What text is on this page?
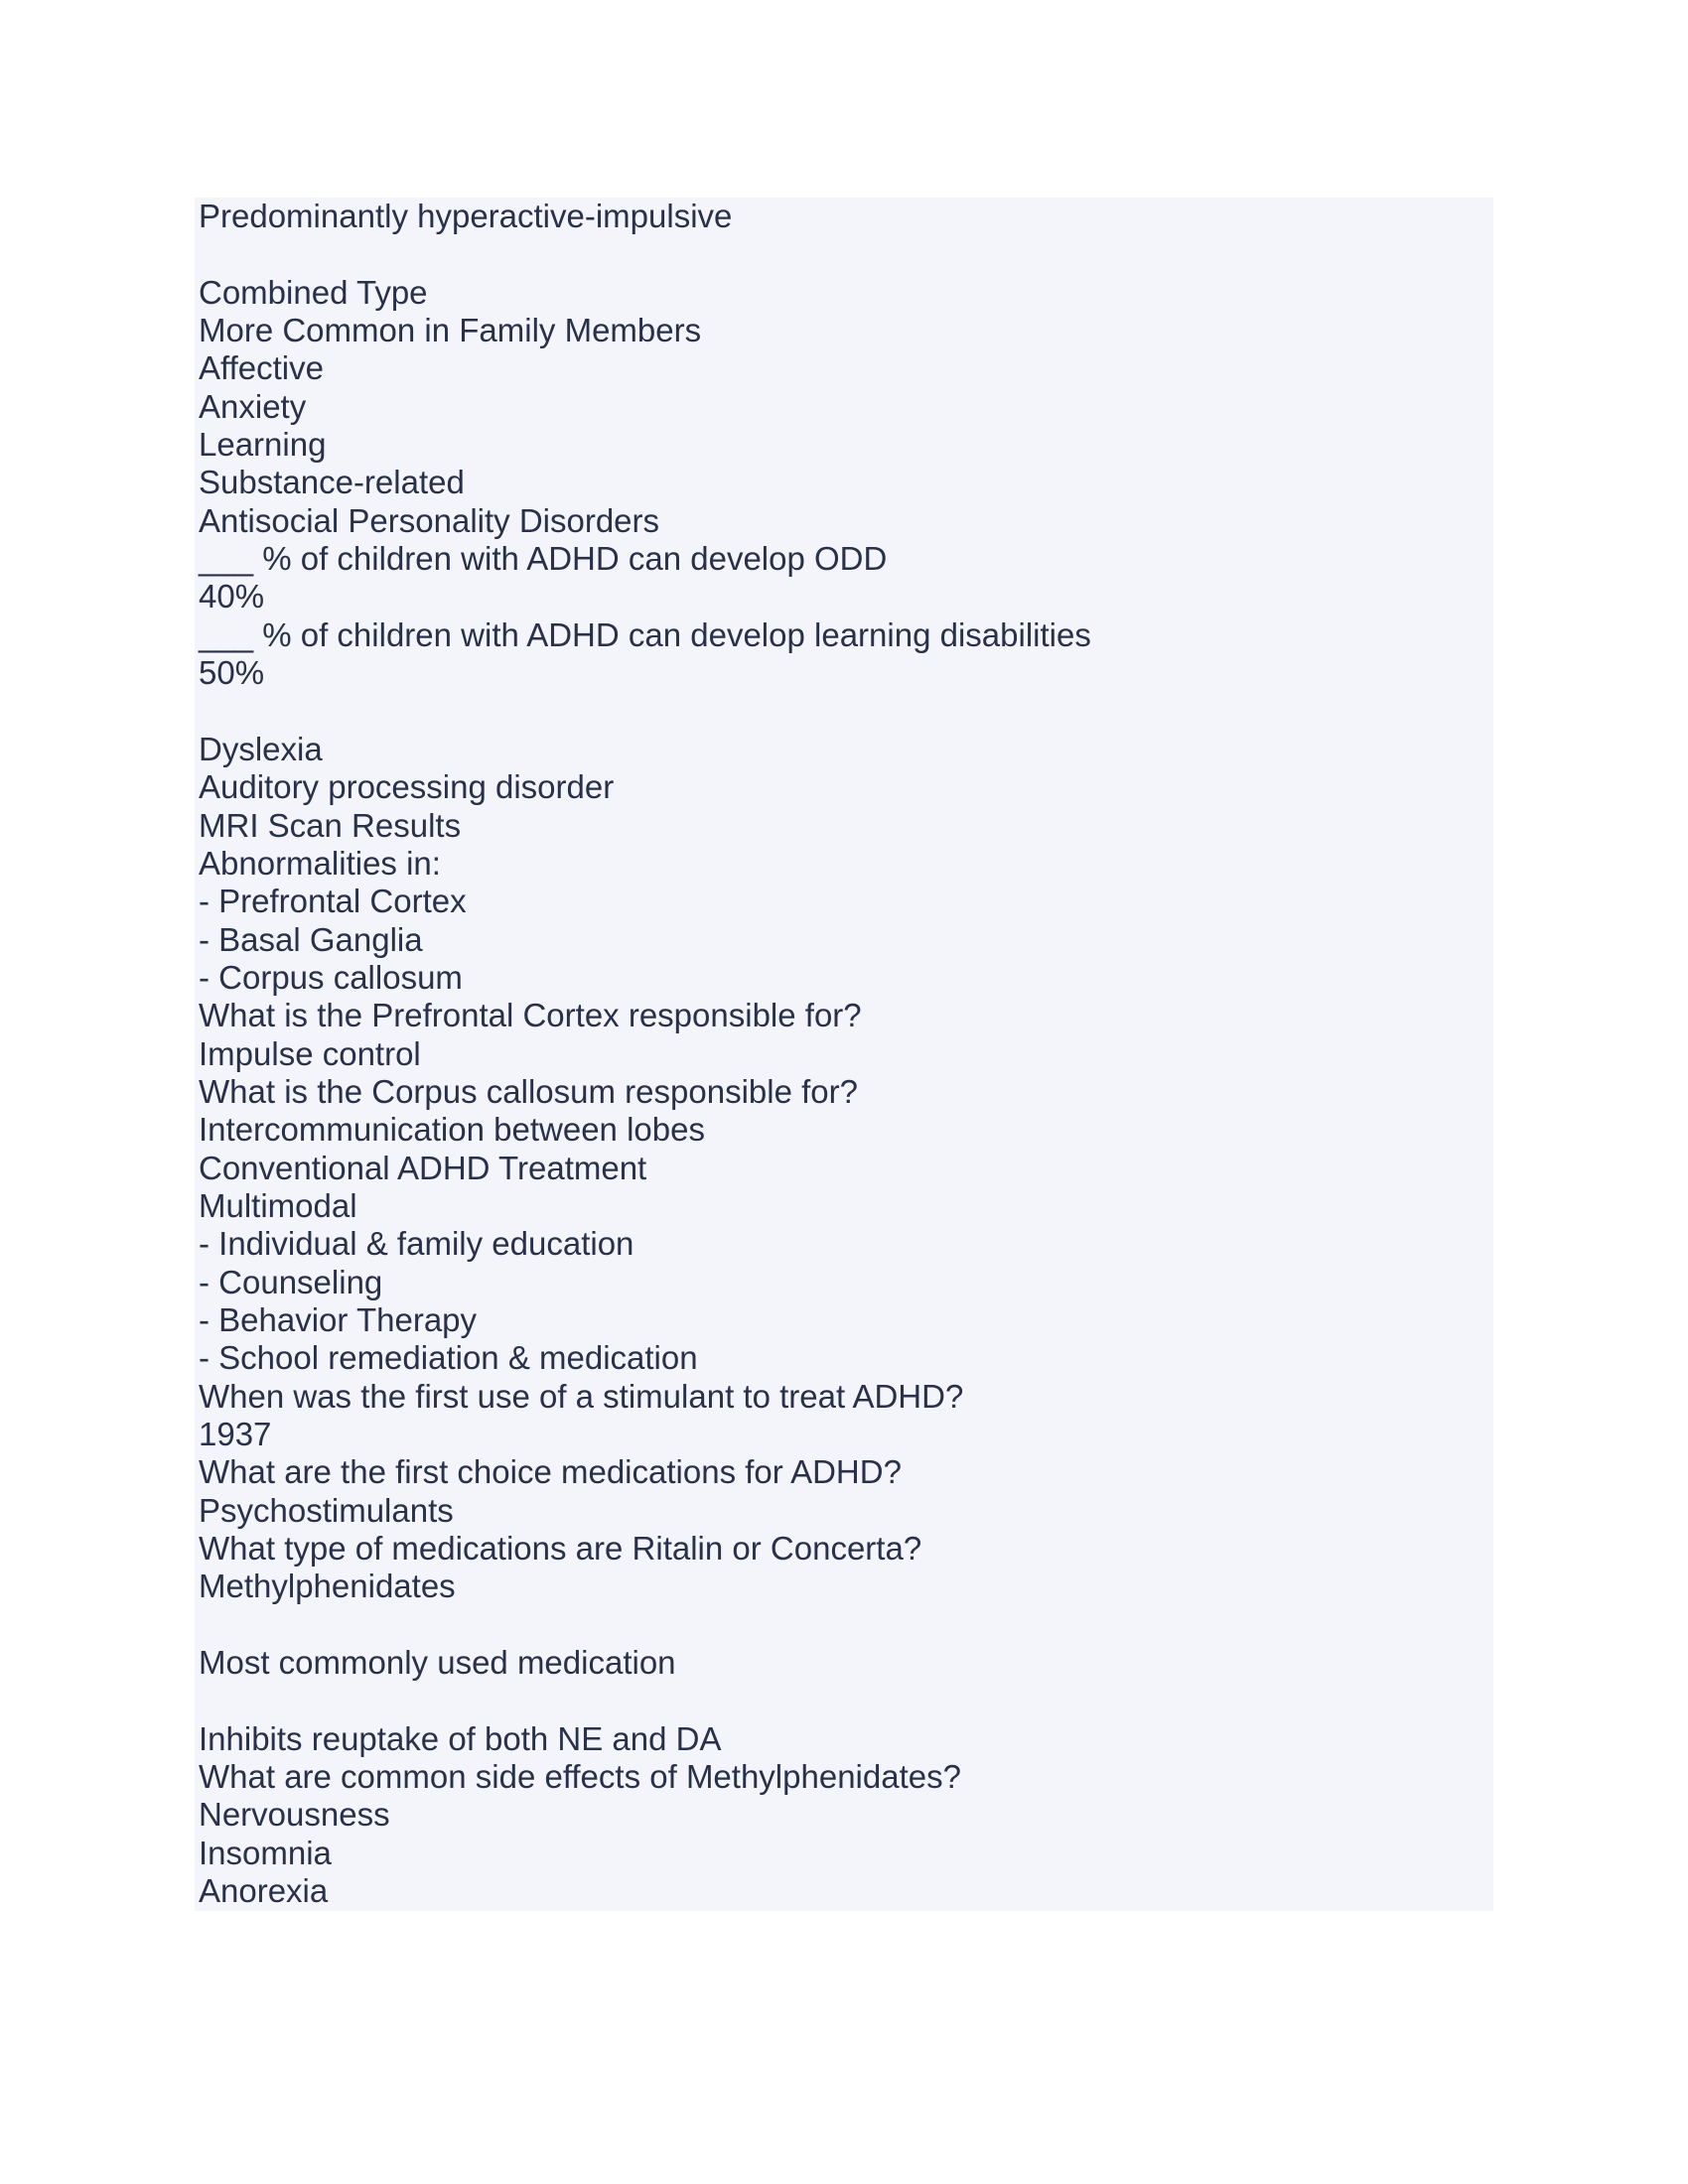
Predominantly hyperactive-impulsive
Combined Type
More Common in Family Members
Affective
Anxiety
Learning
Substance-related
Antisocial Personality Disorders
___ % of children with ADHD can develop ODD
40%
___ % of children with ADHD can develop learning disabilities
50%
Dyslexia
Auditory processing disorder
MRI Scan Results
Abnormalities in:
- Prefrontal Cortex
- Basal Ganglia
- Corpus callosum
What is the Prefrontal Cortex responsible for?
Impulse control
What is the Corpus callosum responsible for?
Intercommunication between lobes
Conventional ADHD Treatment
Multimodal
- Individual & family education
- Counseling
- Behavior Therapy
- School remediation & medication
When was the first use of a stimulant to treat ADHD?
1937
What are the first choice medications for ADHD?
Psychostimulants
What type of medications are Ritalin or Concerta?
Methylphenidates
Most commonly used medication
Inhibits reuptake of both NE and DA
What are common side effects of Methylphenidates?
Nervousness
Insomnia
Anorexia
